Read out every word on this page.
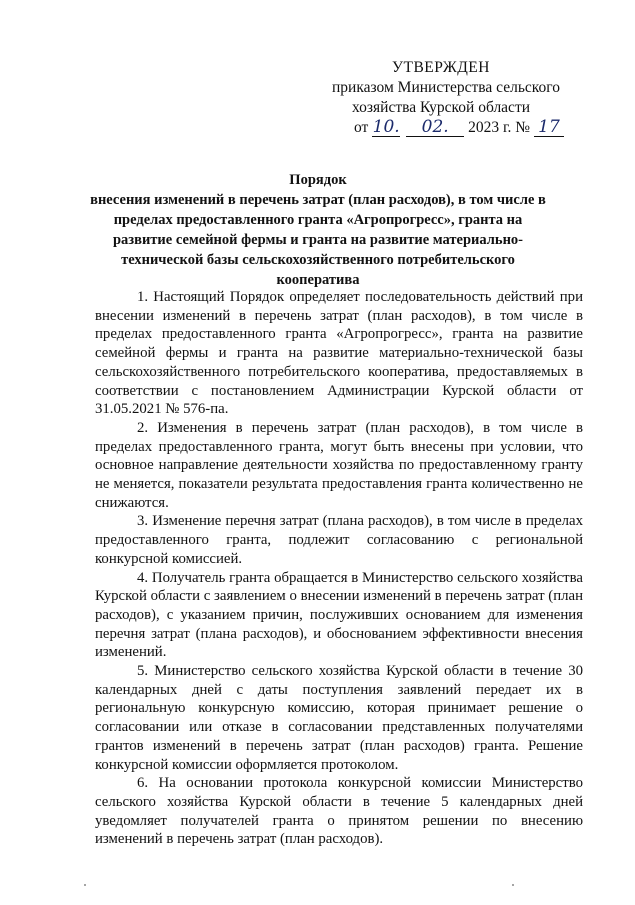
УТВЕРЖДЕН
приказом Министерства сельского
хозяйства Курской области
от 10. 02. 2023 г. № 17
Порядок
внесения изменений в перечень затрат (план расходов), в том числе в пределах предоставленного гранта «Агропрогресс», гранта на развитие семейной фермы и гранта на развитие материально-технической базы сельскохозяйственного потребительского кооператива

1. Настоящий Порядок определяет последовательность действий при внесении изменений в перечень затрат (план расходов), в том числе в пределах предоставленного гранта «Агропрогресс», гранта на развитие семейной фермы и гранта на развитие материально-технической базы сельскохозяйственного потребительского кооператива, предоставляемых в соответствии с постановлением Администрации Курской области от 31.05.2021 № 576-па.

2. Изменения в перечень затрат (план расходов), в том числе в пределах предоставленного гранта, могут быть внесены при условии, что основное направление деятельности хозяйства по предоставленному гранту не меняется, показатели результата предоставления гранта количественно не снижаются.

3. Изменение перечня затрат (плана расходов), в том числе в пределах предоставленного гранта, подлежит согласованию с региональной конкурсной комиссией.

4. Получатель гранта обращается в Министерство сельского хозяйства Курской области с заявлением о внесении изменений в перечень затрат (план расходов), с указанием причин, послуживших основанием для изменения перечня затрат (плана расходов), и обоснованием эффективности внесения изменений.

5. Министерство сельского хозяйства Курской области в течение 30 календарных дней с даты поступления заявлений передает их в региональную конкурсную комиссию, которая принимает решение о согласовании или отказе в согласовании представленных получателями грантов изменений в перечень затрат (план расходов) гранта. Решение конкурсной комиссии оформляется протоколом.

6. На основании протокола конкурсной комиссии Министерство сельского хозяйства Курской области в течение 5 календарных дней уведомляет получателей гранта о принятом решении по внесению изменений в перечень затрат (план расходов).
